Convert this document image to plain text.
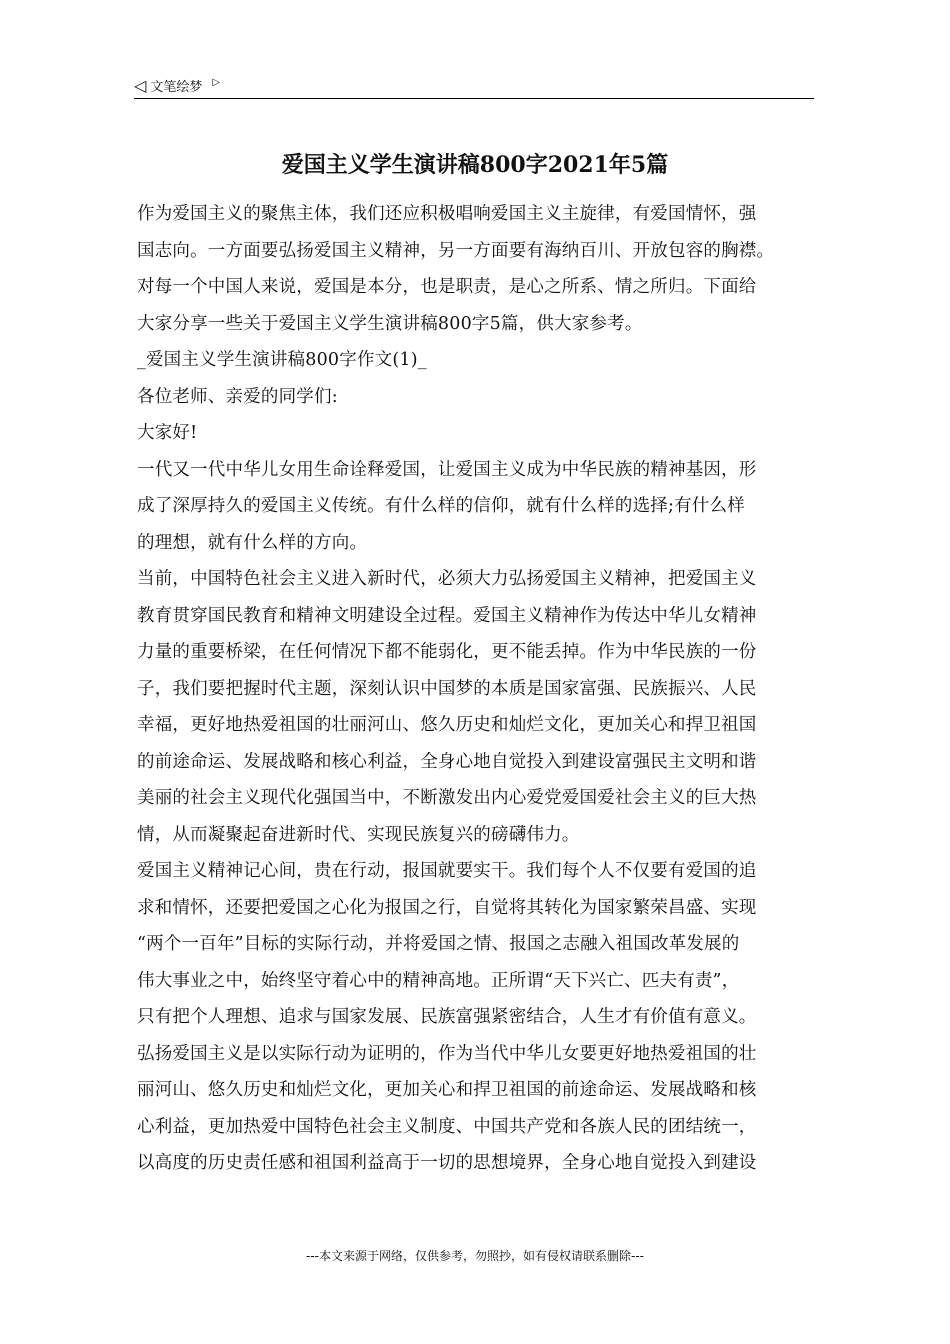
◁ 文笔绘梦 ▷
爱国主义学生演讲稿800字2021年5篇
作为爱国主义的聚焦主体，我们还应积极唱响爱国主义主旋律，有爱国情怀，强
国志向。一方面要弘扬爱国主义精神，另一方面要有海纳百川、开放包容的胸襟。
对每一个中国人来说，爱国是本分，也是职责，是心之所系、情之所归。下面给
大家分享一些关于爱国主义学生演讲稿800字5篇，供大家参考。
_爱国主义学生演讲稿800字作文(1)_
各位老师、亲爱的同学们:
大家好!
一代又一代中华儿女用生命诠释爱国，让爱国主义成为中华民族的精神基因，形
成了深厚持久的爱国主义传统。有什么样的信仰，就有什么样的选择;有什么样
的理想，就有什么样的方向。
当前，中国特色社会主义进入新时代，必须大力弘扬爱国主义精神，把爱国主义
教育贯穿国民教育和精神文明建设全过程。爱国主义精神作为传达中华儿女精神
力量的重要桥梁，在任何情况下都不能弱化，更不能丢掉。作为中华民族的一份
子，我们要把握时代主题，深刻认识中国梦的本质是国家富强、民族振兴、人民
幸福，更好地热爱祖国的壮丽河山、悠久历史和灿烂文化，更加关心和捍卫祖国
的前途命运、发展战略和核心利益，全身心地自觉投入到建设富强民主文明和谐
美丽的社会主义现代化强国当中，不断激发出内心爱党爱国爱社会主义的巨大热
情，从而凝聚起奋进新时代、实现民族复兴的磅礴伟力。
爱国主义精神记心间，贵在行动，报国就要实干。我们每个人不仅要有爱国的追
求和情怀，还要把爱国之心化为报国之行，自觉将其转化为国家繁荣昌盛、实现
“两个一百年”目标的实际行动，并将爱国之情、报国之志融入祖国改革发展的
伟大事业之中，始终坚守着心中的精神高地。正所谓“天下兴亡、匹夫有责”，
只有把个人理想、追求与国家发展、民族富强紧密结合，人生才有价值有意义。
弘扬爱国主义是以实际行动为证明的，作为当代中华儿女要更好地热爱祖国的壮
丽河山、悠久历史和灿烂文化，更加关心和捍卫祖国的前途命运、发展战略和核
心利益，更加热爱中国特色社会主义制度、中国共产党和各族人民的团结统一，
以高度的历史责任感和祖国利益高于一切的思想境界，全身心地自觉投入到建设
---本文来源于网络，仅供参考，勿照抄，如有侵权请联系删除---
